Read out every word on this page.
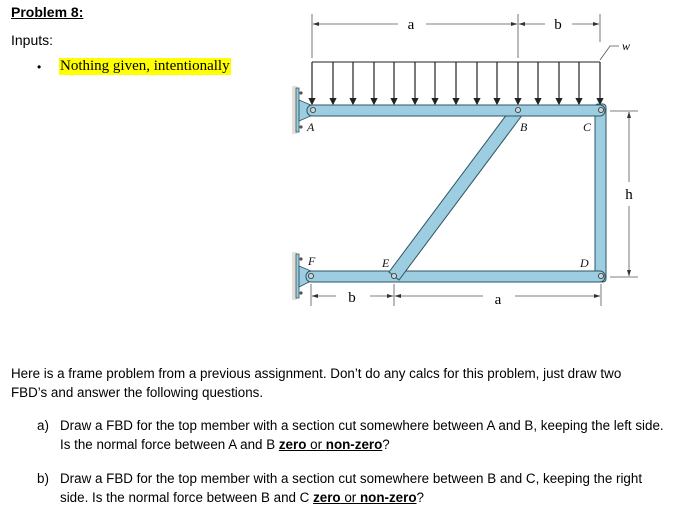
Problem 8:
Inputs:
•	Nothing given, intentionally
a	b
w
A	B	C
D
E
F
h
b	a
Here is a frame problem from a previous assignment. Don’t do any calcs for this problem, just draw two FBD’s and answer the following questions.
a) Draw a FBD for the top member with a section cut somewhere between A and B, keeping the left side. Is the normal force between A and B zero or non-zero?
b) Draw a FBD for the top member with a section cut somewhere between B and C, keeping the right side. Is the normal force between B and C zero or non-zero?
